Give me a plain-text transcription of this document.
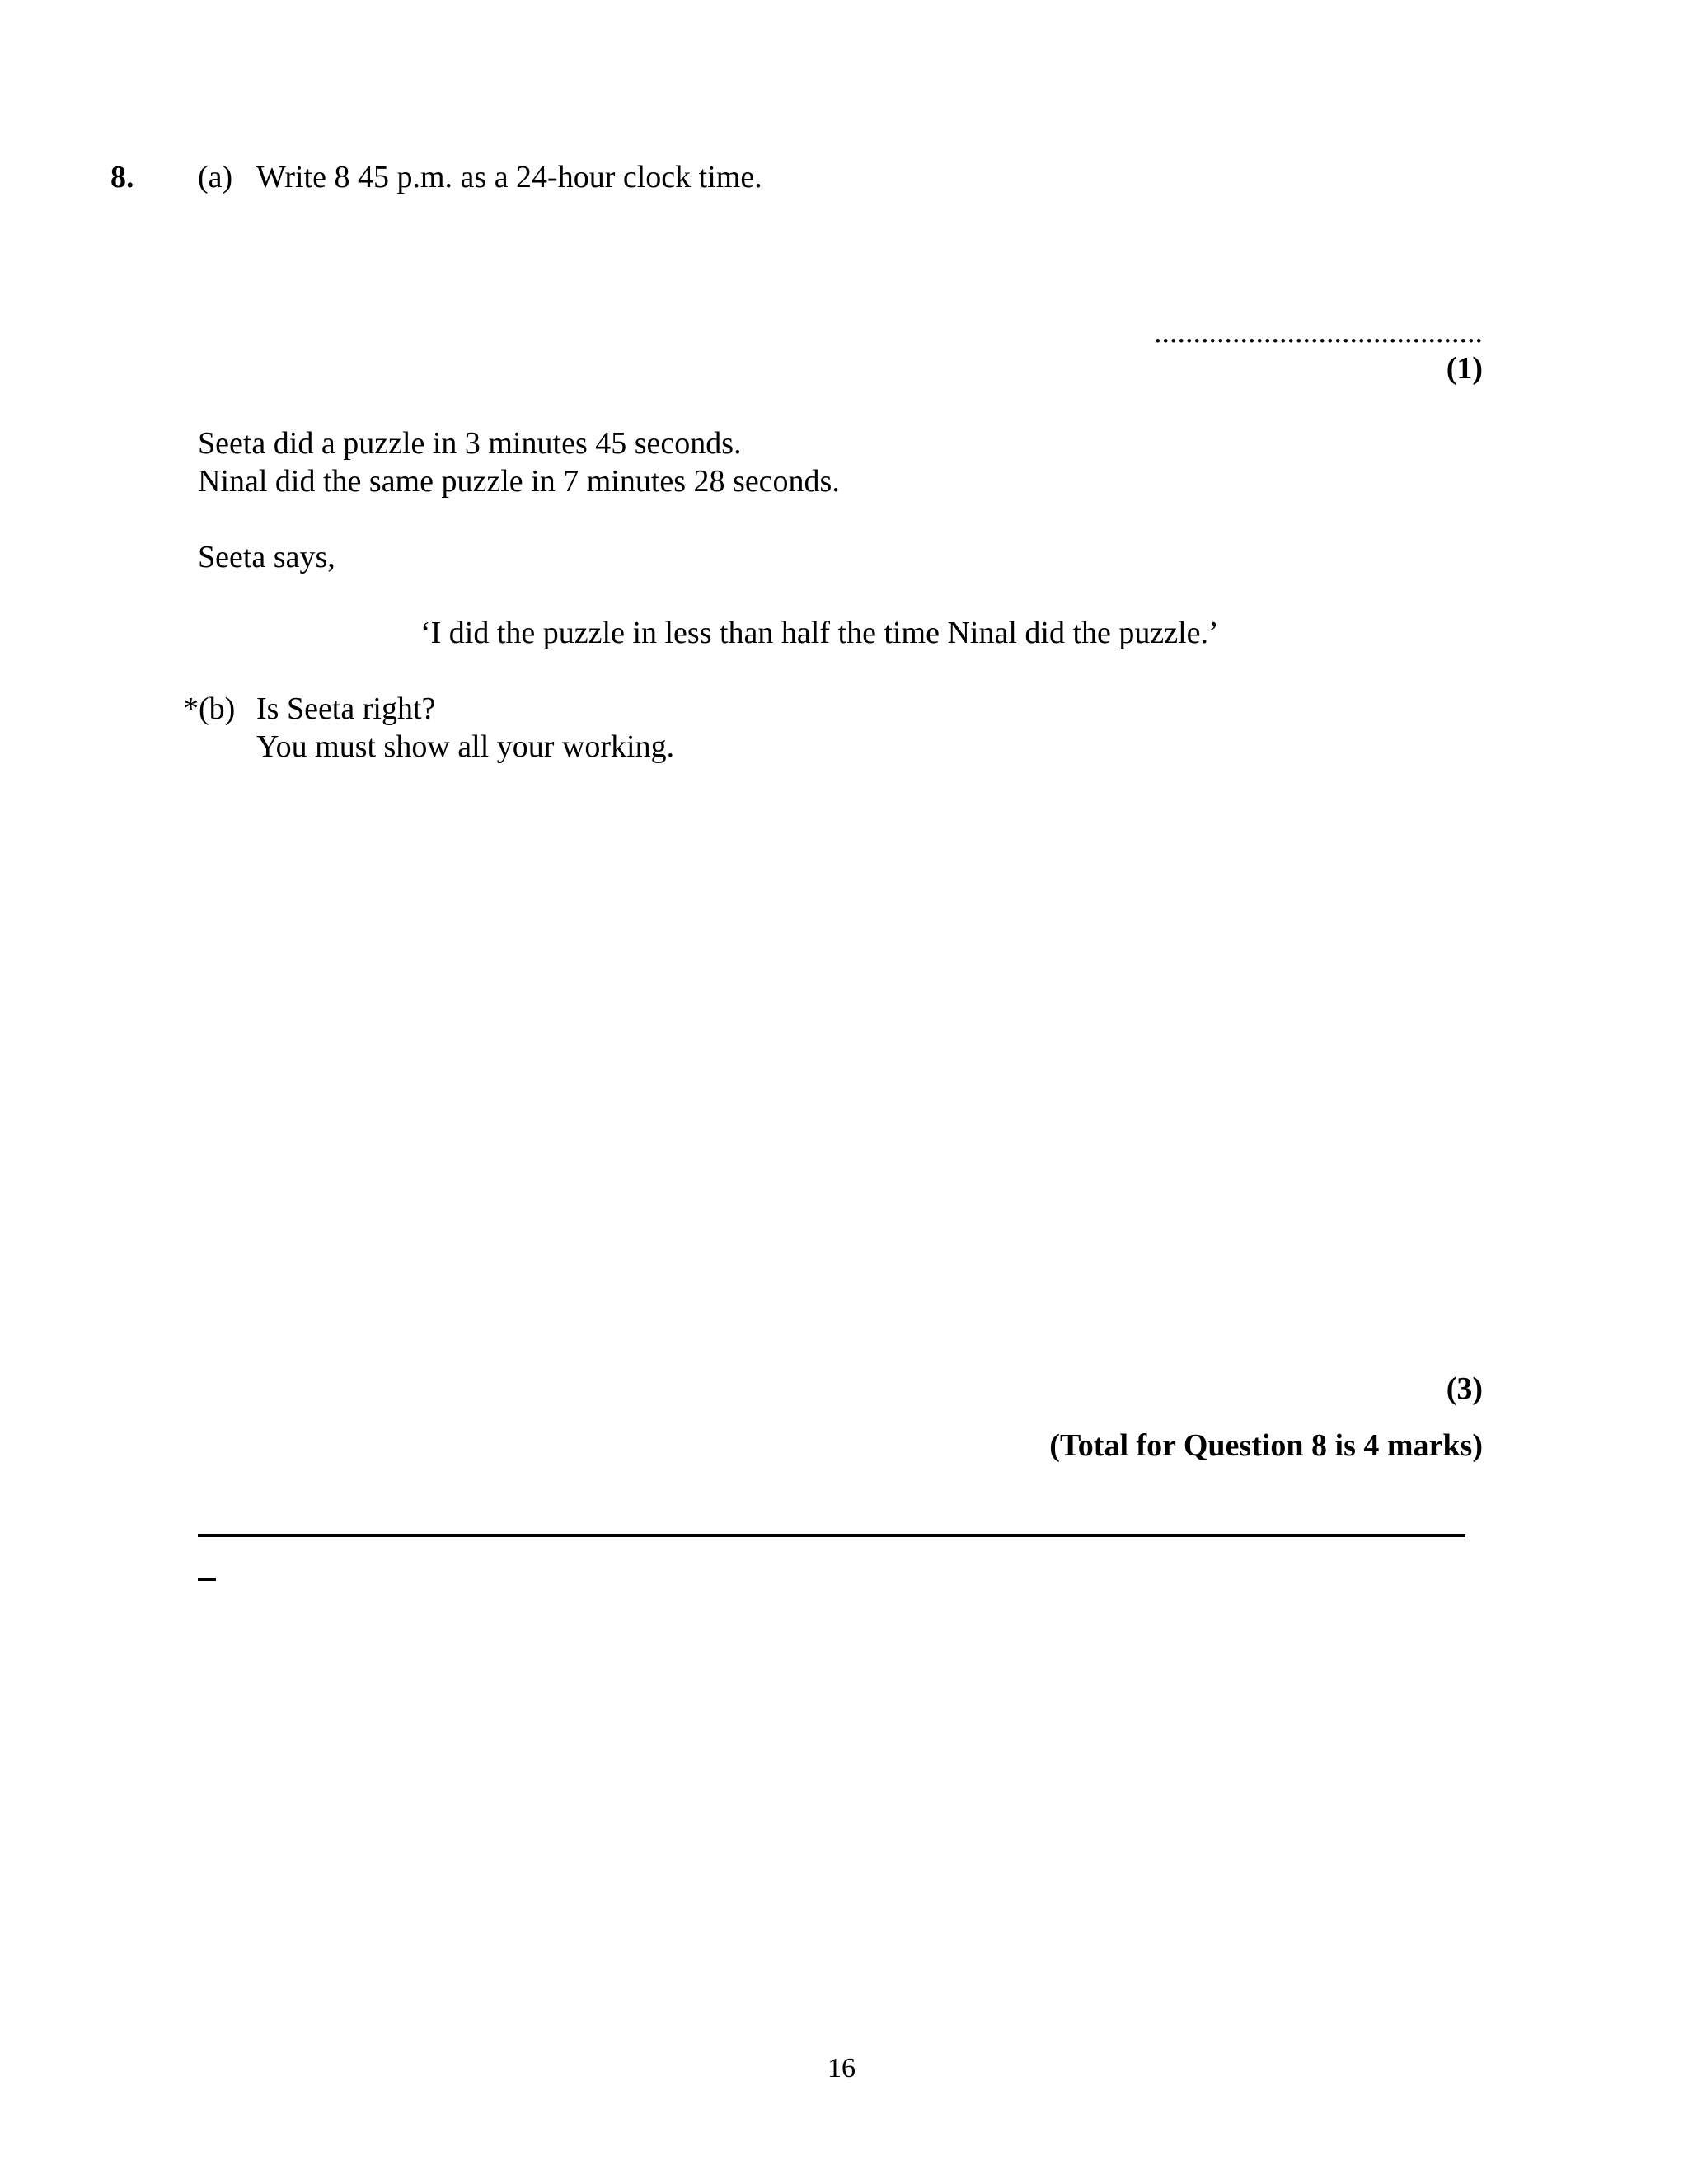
8. (a) Write 8 45 p.m. as a 24-hour clock time.
..........................................
(1)
Seeta did a puzzle in 3 minutes 45 seconds.
Ninal did the same puzzle in 7 minutes 28 seconds.
Seeta says,
‘I did the puzzle in less than half the time Ninal did the puzzle.’
*(b) Is Seeta right?
You must show all your working.
(3)
(Total for Question 8 is 4 marks)
16
